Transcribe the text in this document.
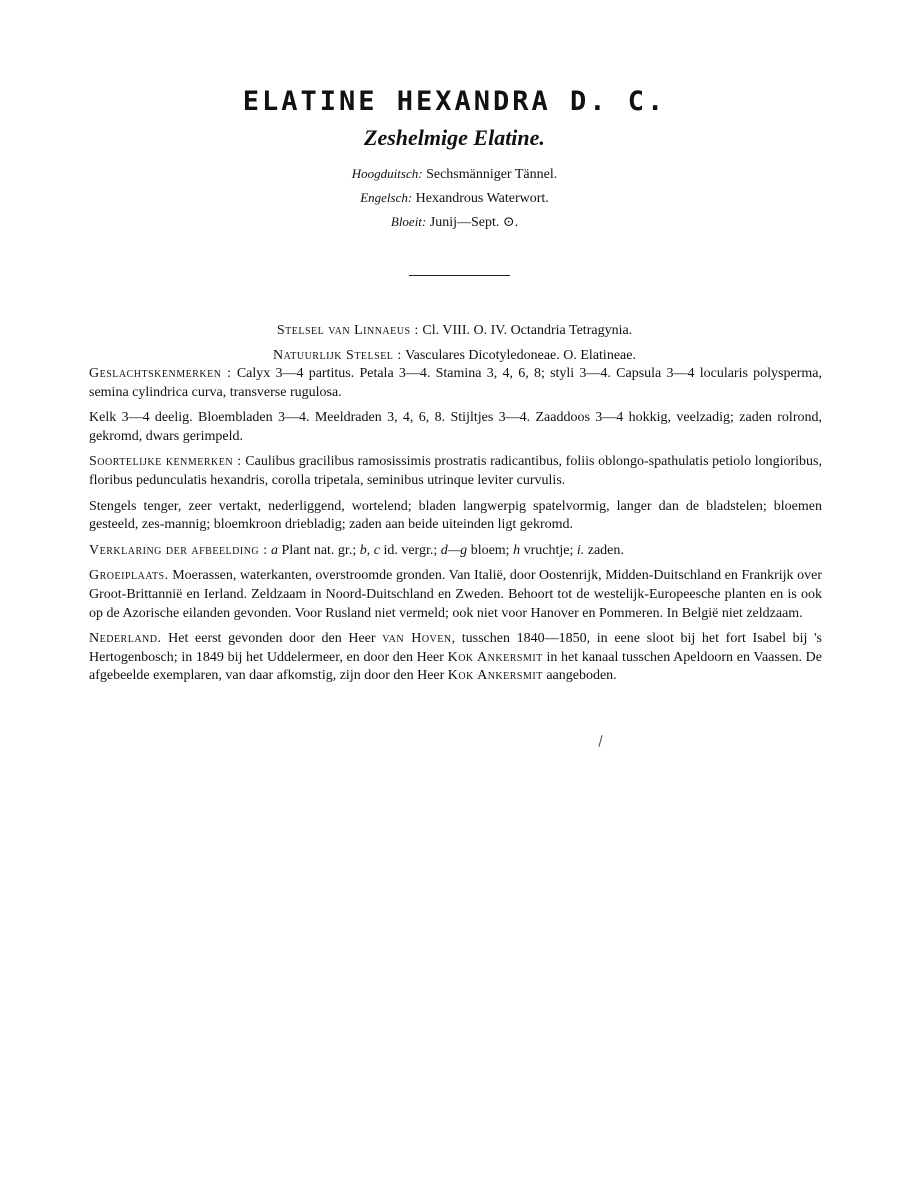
ELATINE HEXANDRA D. C.
Zeshelmige Elatine.
Hoogduitsch: Sechsmänniger Tännel.
Engelsch: Hexandrous Waterwort.
Bloeit: Junij—Sept. ⊙.
Stelsel van Linnaeus : Cl. VIII. O. IV. Octandria Tetragynia.
Natuurlijk Stelsel : Vasculares Dicotyledoneae. O. Elatineae.

Geslachtskenmerken : Calyx 3—4 partitus. Petala 3—4. Stamina 3, 4, 6, 8; styli 3—4. Capsula 3—4 locularis polysperma, semina cylindrica curva, transverse rugulosa.

Kelk 3—4 deelig. Bloembladen 3—4. Meeldraden 3, 4, 6, 8. Stijltjes 3—4. Zaaddoos 3—4 hokkig, veelzadig; zaden rolrond, gekromd, dwars gerimpeld.

Soortelijke kenmerken : Caulibus gracilibus ramosissimis prostratis radicantibus, foliis oblongo-spathulatis petiolo longioribus, floribus pedunculatis hexandris, corolla tripetala, seminibus utrinque leviter curvulis.

Stengels tenger, zeer vertakt, nederliggend, wortelend; bladen langwerpig spatelvormig, langer dan de bladstelen; bloemen gesteeld, zes-mannig; bloemkroon driebladig; zaden aan beide uiteinden ligt gekromd.

Verklaring der afbeelding : a Plant nat. gr.; b, c id. vergr.; d—g bloem; h vruchtje; i. zaden.

Groeiplaats. Moerassen, waterkanten, overstroomde gronden. Van Italië, door Oostenrijk, Midden-Duitschland en Frankrijk over Groot-Brittannië en Ierland. Zeldzaam in Noord-Duitschland en Zweden. Behoort tot de westelijk-Europeesche planten en is ook op de Azorische eilanden gevonden. Voor Rusland niet vermeld; ook niet voor Hanover en Pommeren. In België niet zeldzaam.

Nederland. Het eerst gevonden door den Heer van Hoven, tusschen 1840—1850, in eene sloot bij het fort Isabel bij 's Hertogenbosch; in 1849 bij het Uddelermeer, en door den Heer Kok Ankersmit in het kanaal tusschen Apeldoorn en Vaassen. De afgebeelde exemplaren, van daar afkomstig, zijn door den Heer Kok Ankersmit aangeboden.
